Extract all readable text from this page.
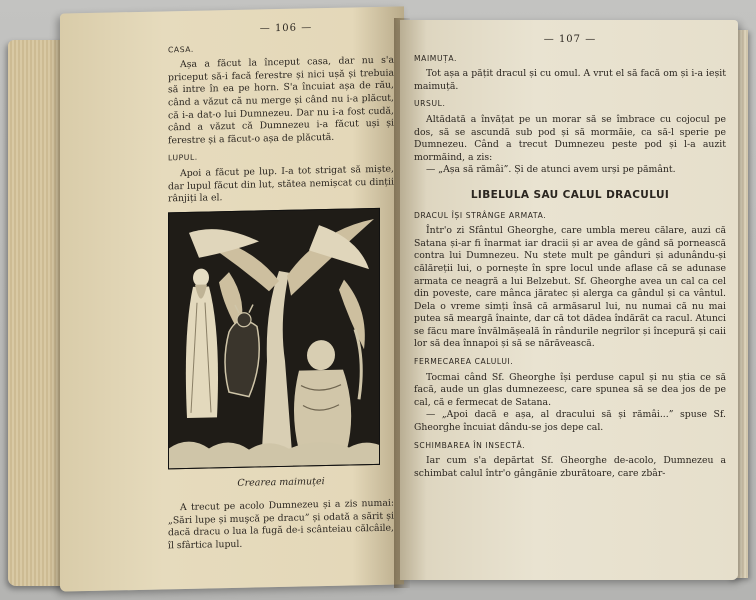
— 106 —
CASA.

Așa a făcut la început casa, dar nu s'a priceput să-i facă ferestre și nici ușă și trebuia să intre în ea pe horn. S'a încuiat așa de rău, când a văzut că nu merge și când nu i-a plăcut, că i-a dat-o lui Dumnezeu. Dar nu i-a fost cudă, când a văzut că Dumnezeu i-a făcut uși și ferestre și a făcut-o așa de plăcută.

LUPUL.

Apoi a făcut pe lup. I-a tot strigat să miște, dar lupul făcut din lut, stătea nemișcat cu dinții rânjiți la el.

Crearea maimuței

A trecut pe acolo Dumnezeu și a zis numai: „Sări lupe și muşcă pe dracu” și odată a sărit și dacă dracu o lua la fugă de-i scânteiau călcâile, îl sfârtica lupul.

— 107 —
MAIMUȚA.

Tot așa a pățit dracul și cu omul. A vrut el să facă om și i-a ieșit maimuță.

URSUL.

Altădată a învățat pe un morar să se îmbrace cu cojocul pe dos, să se ascundă sub pod și să mormăie, ca să-l sperie pe Dumnezeu. Când a trecut Dumnezeu peste pod și l-a auzit mormăind, a zis:

— „Așa să rămâi”. Și de atunci avem urși pe pământ.

LIBELULA SAU CALUL DRACULUI
DRACUL ÎȘI STRÂNGE ARMATA.

Într'o zi Sfântul Gheorghe, care umbla mereu călare, auzi că Satana și-ar fi înarmat iar dracii și ar avea de gând să pornească contra lui Dumnezeu. Nu stete mult pe gânduri și adunându-și călăreții lui, o pornește în spre locul unde aflase că se adunase armata ce neagră a lui Belzebut. Sf. Gheorghe avea un cal ca cel din poveste, care mânca jăratec și alerga ca gândul și ca vântul. Dela o vreme simți însă că armăsarul lui, nu numai că nu mai putea să meargă înainte, dar că tot dădea îndărăt ca racul. Atunci se făcu mare învălmășeală în rândurile negrilor și începură și caii lor să dea înnapoi și să se nărăvească.

FERMECAREA CALULUI.

Tocmai când Sf. Gheorghe își perduse capul și nu știa ce să facă, aude un glas dumnezeesc, care spunea să se dea jos de pe cal, că e fermecat de Satana.

— „Apoi dacă e așa, al dracului să și rămâi...” spuse Sf. Gheorghe încuiat dându-se jos depe cal.

SCHIMBAREA ÎN INSECTĂ.

Iar cum s'a depărtat Sf. Gheorghe de-acolo, Dumnezeu a schimbat calul într'o gângănie zburătoare, care zbâr-
